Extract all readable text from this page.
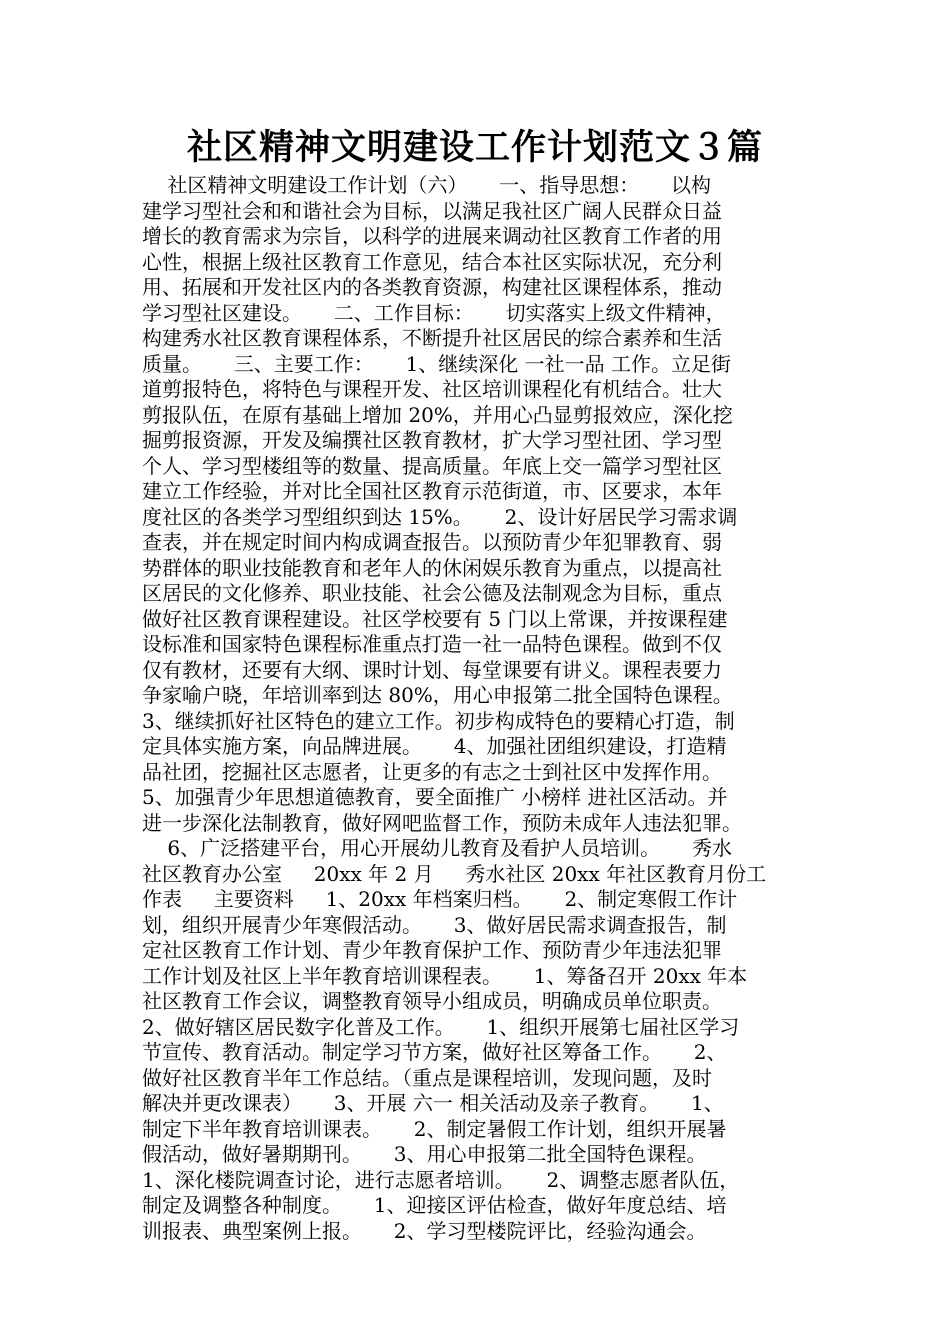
社区精神文明建设工作计划范文３篇
社区精神文明建设工作计划（六）     一、指导思想：     以构
建学习型社会和和谐社会为目标，以满足我社区广阔人民群众日益
增长的教育需求为宗旨，以科学的进展来调动社区教育工作者的用
心性，根据上级社区教育工作意见，结合本社区实际状况，充分利
用、拓展和开发社区内的各类教育资源，构建社区课程体系，推动
学习型社区建设。     二、工作目标：     切实落实上级文件精神，
构建秀水社区教育课程体系，不断提升社区居民的综合素养和生活
质量。     三、主要工作：     1、继续深化 一社一品 工作。立足街
道剪报特色，将特色与课程开发、社区培训课程化有机结合。壮大
剪报队伍，在原有基础上增加 20%，并用心凸显剪报效应，深化挖
掘剪报资源，开发及编撰社区教育教材，扩大学习型社团、学习型
个人、学习型楼组等的数量、提高质量。年底上交一篇学习型社区
建立工作经验，并对比全国社区教育示范街道，市、区要求，本年
度社区的各类学习型组织到达 15%。     2、设计好居民学习需求调
查表，并在规定时间内构成调查报告。以预防青少年犯罪教育、弱
势群体的职业技能教育和老年人的休闲娱乐教育为重点，以提高社
区居民的文化修养、职业技能、社会公德及法制观念为目标，重点
做好社区教育课程建设。社区学校要有 5 门以上常课，并按课程建
设标准和国家特色课程标准重点打造一社一品特色课程。做到不仅
仅有教材，还要有大纲、课时计划、每堂课要有讲义。课程表要力
争家喻户晓，年培训率到达 80%，用心申报第二批全国特色课程。
3、继续抓好社区特色的建立工作。初步构成特色的要精心打造，制
定具体实施方案，向品牌进展。     4、加强社团组织建设，打造精
品社团，挖掘社区志愿者，让更多的有志之士到社区中发挥作用。
5、加强青少年思想道德教育，要全面推广 小榜样 进社区活动。并
进一步深化法制教育，做好网吧监督工作，预防未成年人违法犯罪。
6、广泛搭建平台，用心开展幼儿教育及看护人员培训。     秀水
社区教育办公室     20xx 年 2 月     秀水社区 20xx 年社区教育月份工
作表     主要资料     1、20xx 年档案归档。     2、制定寒假工作计
划，组织开展青少年寒假活动。     3、做好居民需求调查报告，制
定社区教育工作计划、青少年教育保护工作、预防青少年违法犯罪
工作计划及社区上半年教育培训课程表。     1、筹备召开 20xx 年本
社区教育工作会议，调整教育领导小组成员，明确成员单位职责。
2、做好辖区居民数字化普及工作。     1、组织开展第七届社区学习
节宣传、教育活动。制定学习节方案，做好社区筹备工作。     2、
做好社区教育半年工作总结。（重点是课程培训，发现问题，及时
解决并更改课表）     3、开展 六一 相关活动及亲子教育。     1、
制定下半年教育培训课表。     2、制定暑假工作计划，组织开展暑
假活动，做好暑期期刊。     3、用心申报第二批全国特色课程。
1、深化楼院调查讨论，进行志愿者培训。     2、调整志愿者队伍，
制定及调整各种制度。     1、迎接区评估检查，做好年度总结、培
训报表、典型案例上报。     2、学习型楼院评比，经验沟通会。
